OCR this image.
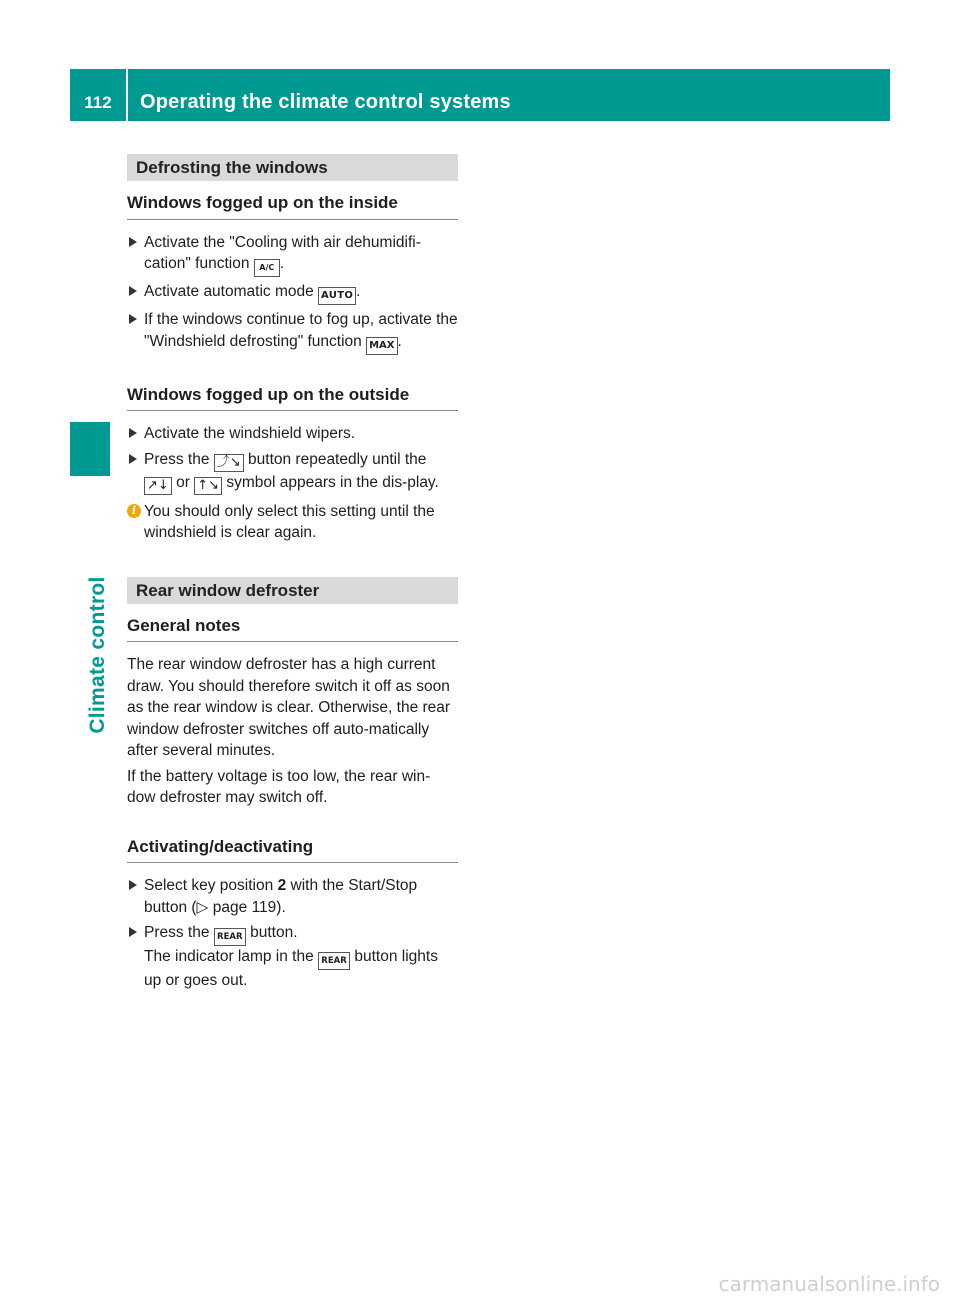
112	Operating the climate control systems
Climate control
Defrosting the windows
Windows fogged up on the inside
Activate the "Cooling with air dehumidifi-cation" function A/C .
Activate automatic mode AUTO .
If the windows continue to fog up, activate the "Windshield defrosting" function MAX .
Windows fogged up on the outside
Activate the windshield wipers.
Press the ⤴↘ button repeatedly until the ↗↓ or ↑↘ symbol appears in the dis-play.
i You should only select this setting until the windshield is clear again.
Rear window defroster
General notes

The rear window defroster has a high current draw. You should therefore switch it off as soon as the rear window is clear. Otherwise, the rear window defroster switches off auto-matically after several minutes.

If the battery voltage is too low, the rear win-dow defroster may switch off.

Activating/deactivating
Select key position 2 with the Start/Stop button (▷ page 119).
Press the REAR button.
The indicator lamp in the REAR button lights up or goes out.
carmanualsonline.info
